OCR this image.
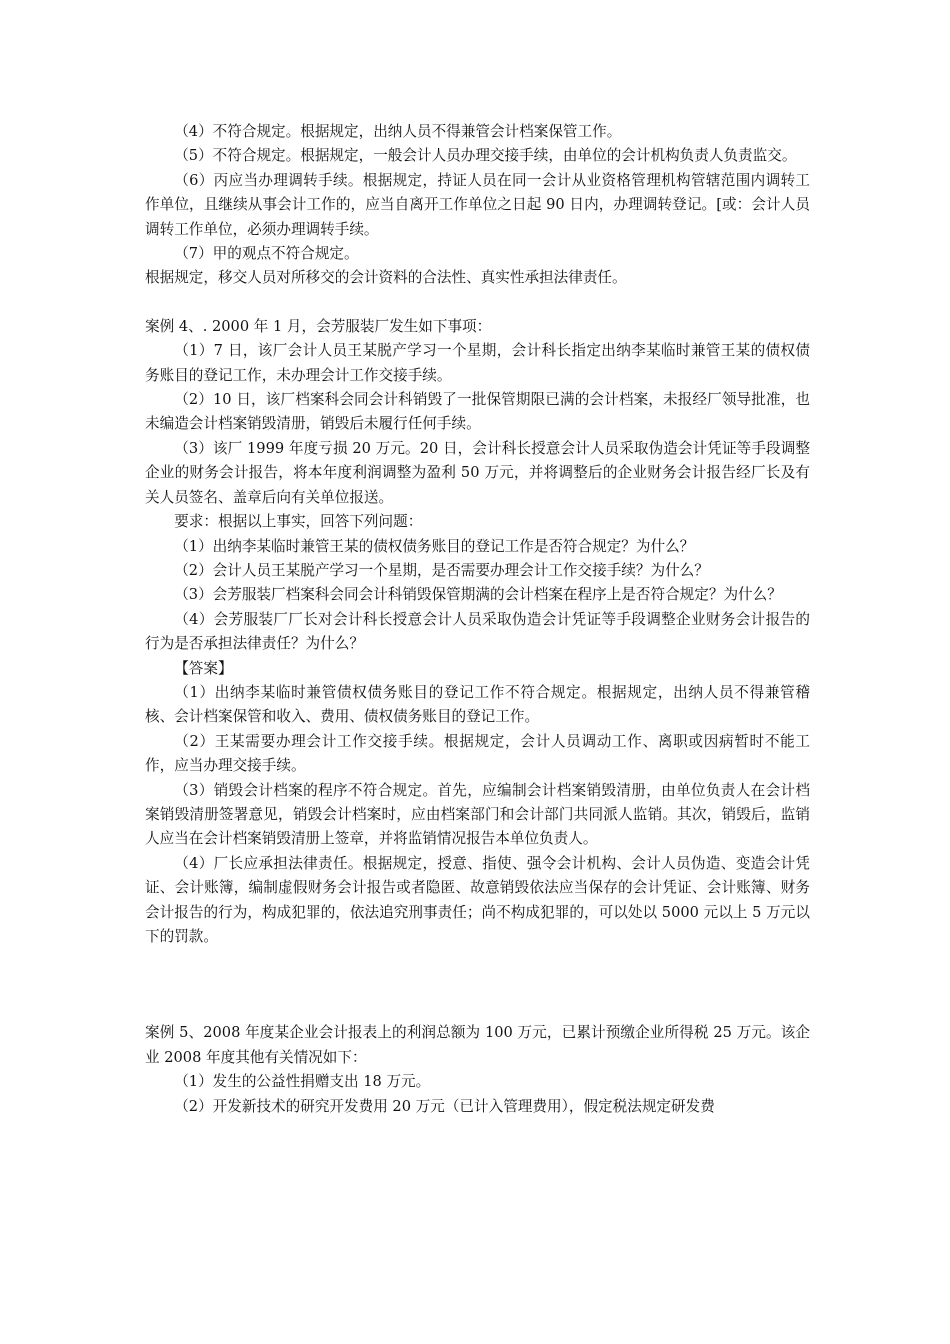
（4）不符合规定。根据规定，出纳人员不得兼管会计档案保管工作。

（5）不符合规定。根据规定，一般会计人员办理交接手续，由单位的会计机构负责人负责监交。

（6）丙应当办理调转手续。根据规定，持证人员在同一会计从业资格管理机构管辖范围内调转工作单位，且继续从事会计工作的，应当自离开工作单位之日起 90 日内，办理调转登记。[或：会计人员调转工作单位，必须办理调转手续。

（7）甲的观点不符合规定。

根据规定，移交人员对所移交的会计资料的合法性、真实性承担法律责任。

案例 4、. 2000 年 1 月，会芳服装厂发生如下事项：

（1）7 日，该厂会计人员王某脱产学习一个星期，会计科长指定出纳李某临时兼管王某的债权债务账目的登记工作，未办理会计工作交接手续。

（2）10 日，该厂档案科会同会计科销毁了一批保管期限已满的会计档案，未报经厂领导批准，也未编造会计档案销毁清册，销毁后未履行任何手续。

（3）该厂 1999 年度亏损 20 万元。20 日，会计科长授意会计人员采取伪造会计凭证等手段调整企业的财务会计报告，将本年度利润调整为盈利 50 万元，并将调整后的企业财务会计报告经厂长及有关人员签名、盖章后向有关单位报送。

要求：根据以上事实，回答下列问题：

（1）出纳李某临时兼管王某的债权债务账目的登记工作是否符合规定？为什么？

（2）会计人员王某脱产学习一个星期，是否需要办理会计工作交接手续？为什么？

（3）会芳服装厂档案科会同会计科销毁保管期满的会计档案在程序上是否符合规定？为什么？

（4）会芳服装厂厂长对会计科长授意会计人员采取伪造会计凭证等手段调整企业财务会计报告的行为是否承担法律责任？为什么？

【答案】

（1）出纳李某临时兼管债权债务账目的登记工作不符合规定。根据规定，出纳人员不得兼管稽核、会计档案保管和收入、费用、债权债务账目的登记工作。

（2）王某需要办理会计工作交接手续。根据规定，会计人员调动工作、离职或因病暂时不能工作，应当办理交接手续。

（3）销毁会计档案的程序不符合规定。首先，应编制会计档案销毁清册，由单位负责人在会计档案销毁清册签署意见，销毁会计档案时，应由档案部门和会计部门共同派人监销。其次，销毁后，监销人应当在会计档案销毁清册上签章，并将监销情况报告本单位负责人。

（4）厂长应承担法律责任。根据规定，授意、指使、强令会计机构、会计人员伪造、变造会计凭证、会计账簿，编制虚假财务会计报告或者隐匿、故意销毁依法应当保存的会计凭证、会计账簿、财务会计报告的行为，构成犯罪的，依法追究刑事责任；尚不构成犯罪的，可以处以 5000 元以上 5 万元以下的罚款。

案例 5、2008 年度某企业会计报表上的利润总额为 100 万元，已累计预缴企业所得税 25 万元。该企业 2008 年度其他有关情况如下：

（1）发生的公益性捐赠支出 18 万元。

（2）开发新技术的研究开发费用 20 万元（已计入管理费用），假定税法规定研发费
